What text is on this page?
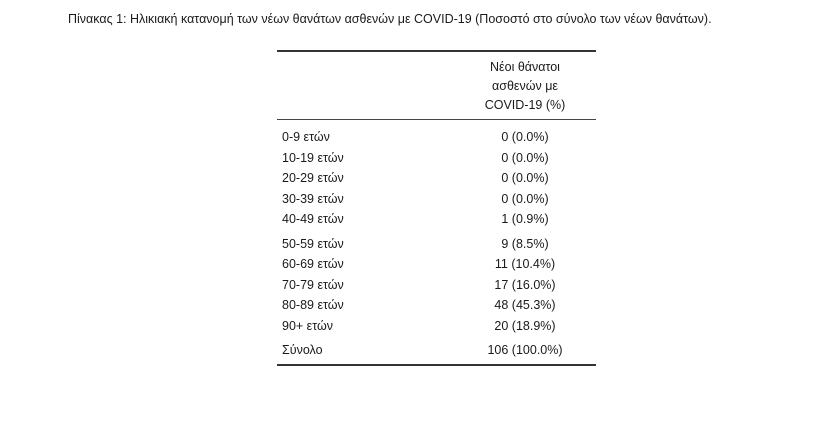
Πίνακας 1: Ηλικιακή κατανομή των νέων θανάτων ασθενών με COVID-19 (Ποσοστό στο σύνολο των νέων θανάτων).
Νέοι θάνατοι
ασθενών με
COVID-19 (%)
0-9 ετών	0 (0.0%)
10-19 ετών	0 (0.0%)
20-29 ετών	0 (0.0%)
30-39 ετών	0 (0.0%)
40-49 ετών	1 (0.9%)
50-59 ετών	9 (8.5%)
60-69 ετών	11 (10.4%)
70-79 ετών	17 (16.0%)
80-89 ετών	48 (45.3%)
90+ ετών	20 (18.9%)
Σύνολο	106 (100.0%)
